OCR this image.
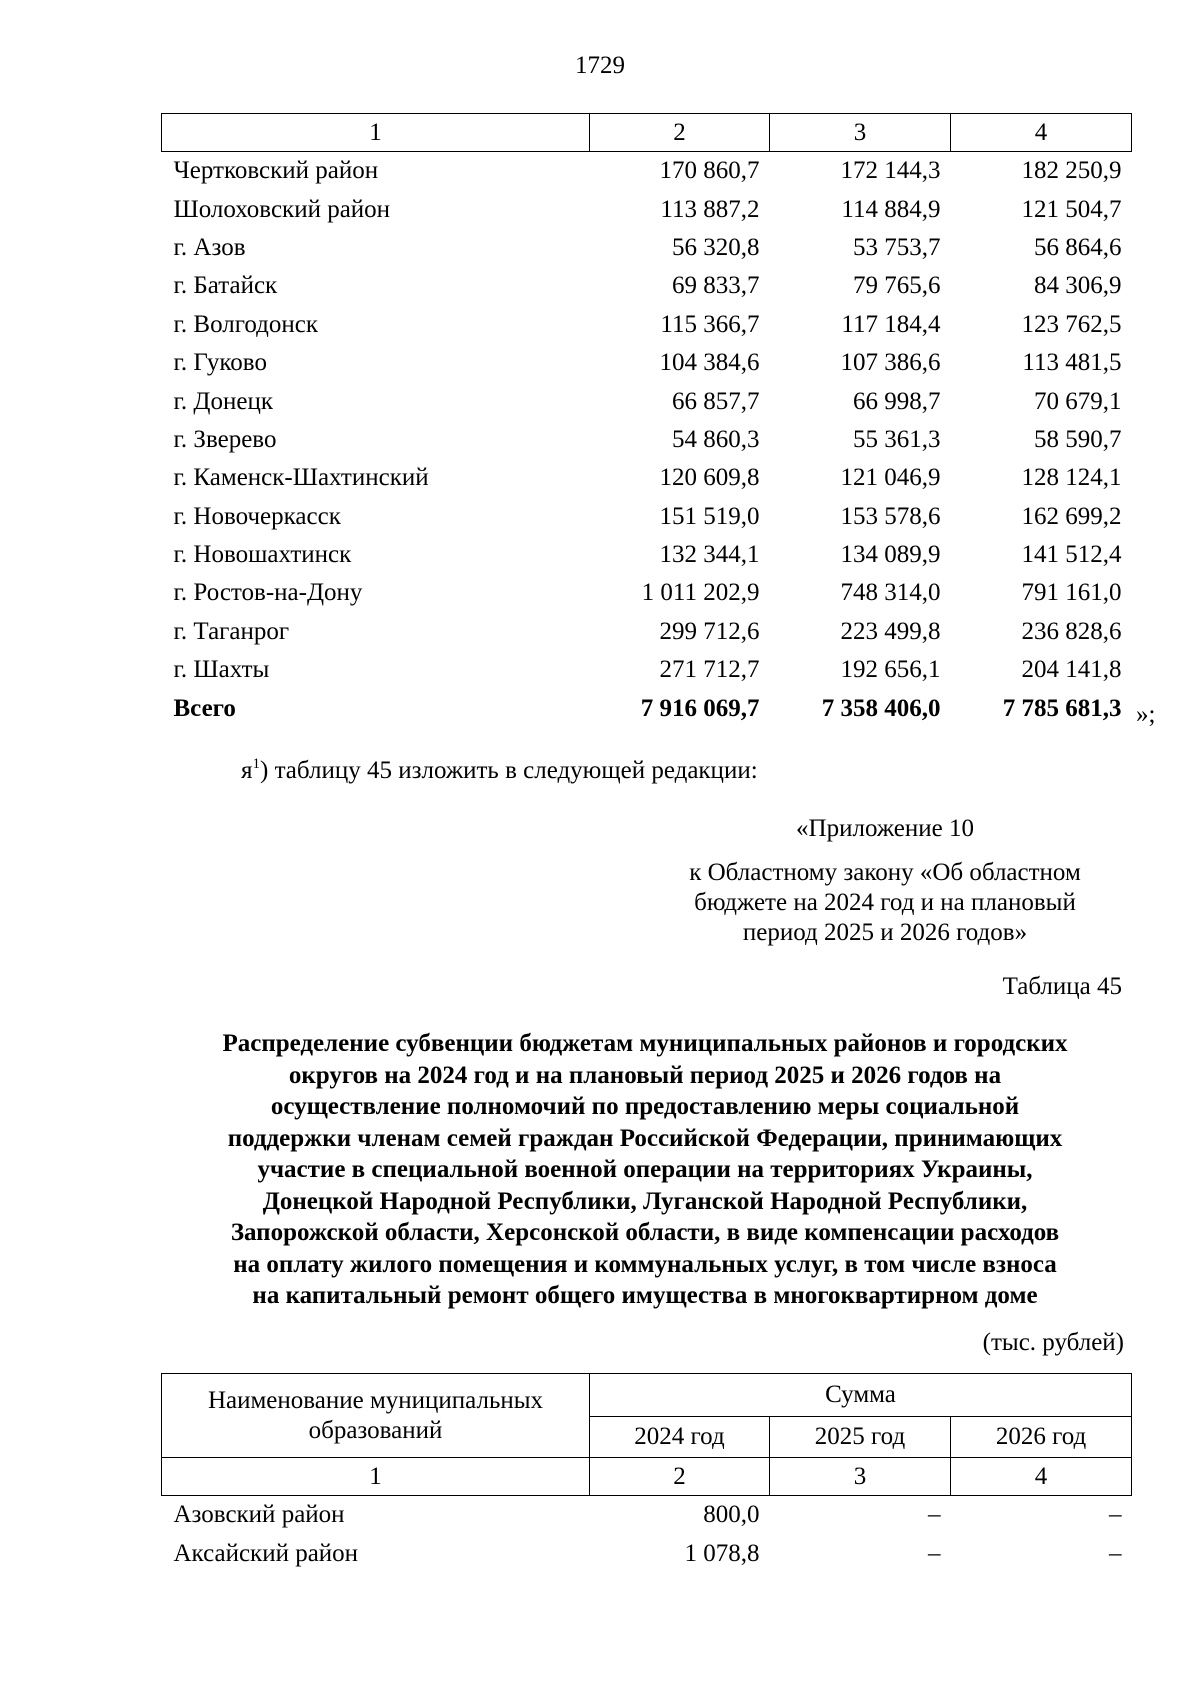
1729
1	2	3	4
Чертковский район	170 860,7	172 144,3	182 250,9
Шолоховский район	113 887,2	114 884,9	121 504,7
г. Азов	56 320,8	53 753,7	56 864,6
г. Батайск	69 833,7	79 765,6	84 306,9
г. Волгодонск	115 366,7	117 184,4	123 762,5
г. Гуково	104 384,6	107 386,6	113 481,5
г. Донецк	66 857,7	66 998,7	70 679,1
г. Зверево	54 860,3	55 361,3	58 590,7
г. Каменск-Шахтинский	120 609,8	121 046,9	128 124,1
г. Новочеркасск	151 519,0	153 578,6	162 699,2
г. Новошахтинск	132 344,1	134 089,9	141 512,4
г. Ростов-на-Дону	1 011 202,9	748 314,0	791 161,0
г. Таганрог	299 712,6	223 499,8	236 828,6
г. Шахты	271 712,7	192 656,1	204 141,8
Всего	7 916 069,7	7 358 406,0	7 785 681,3 »;
$я^1$) таблицу 45 изложить в следующей редакции:
«Приложение 10
к Областному закону «Об областном
бюджете на 2024 год и на плановый
период 2025 и 2026 годов»
Таблица 45
Распределение субвенции бюджетам муниципальных районов и городских
округов на 2024 год и на плановый период 2025 и 2026 годов на
осуществление полномочий по предоставлению меры социальной
поддержки членам семей граждан Российской Федерации, принимающих
участие в специальной военной операции на территориях Украины,
Донецкой Народной Республики, Луганской Народной Республики,
Запорожской области, Херсонской области, в виде компенсации расходов
на оплату жилого помещения и коммунальных услуг, в том числе взноса
на капитальный ремонт общего имущества в многоквартирном доме
(тыс. рублей)
Наименование муниципальных
образований	Сумма		
	2024 год	2025 год	2026 год
1	2	3	4
Азовский район	800,0	–	–
Аксайский район	1 078,8	–	–
